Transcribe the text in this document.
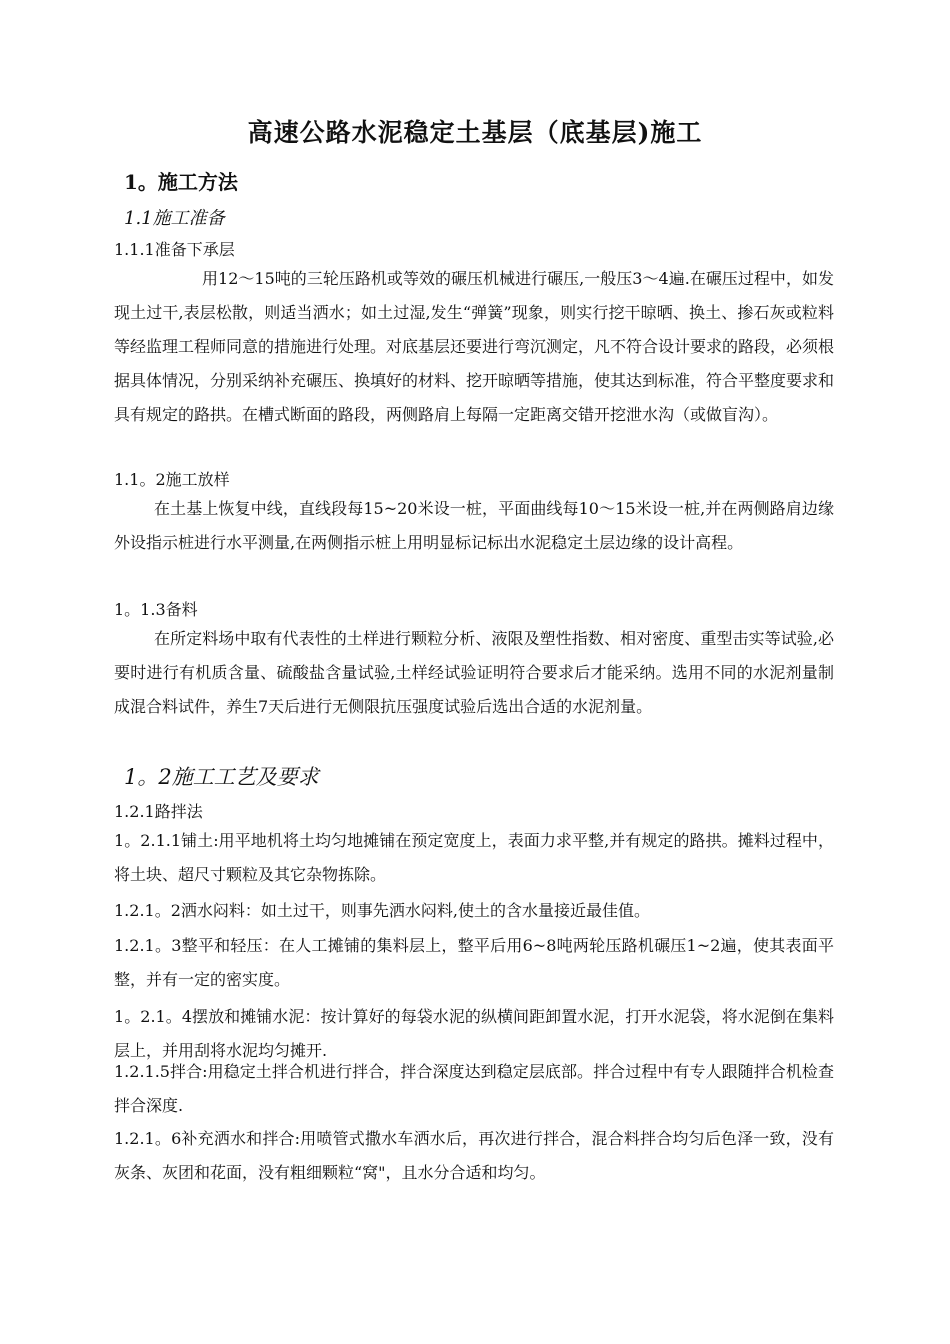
高速公路水泥稳定土基层（底基层)施工
1。施工方法
1.1施工准备
1.1.1准备下承层

用12～15吨的三轮压路机或等效的碾压机械进行碾压,一般压3～4遍.在碾压过程中，如发现土过干,表层松散，则适当洒水；如土过湿,发生“弹簧”现象，则实行挖干晾晒、换土、掺石灰或粒料等经监理工程师同意的措施进行处理。对底基层还要进行弯沉测定，凡不符合设计要求的路段，必须根据具体情况，分别采纳补充碾压、换填好的材料、挖开晾晒等措施，使其达到标准，符合平整度要求和具有规定的路拱。在槽式断面的路段，两侧路肩上每隔一定距离交错开挖泄水沟（或做盲沟）。

1.1。2施工放样

在土基上恢复中线，直线段每15~20米设一桩，平面曲线每10～15米设一桩,并在两侧路肩边缘外设指示桩进行水平测量,在两侧指示桩上用明显标记标出水泥稳定土层边缘的设计高程。

1。1.3备料

在所定料场中取有代表性的土样进行颗粒分析、液限及塑性指数、相对密度、重型击实等试验,必要时进行有机质含量、硫酸盐含量试验,土样经试验证明符合要求后才能采纳。选用不同的水泥剂量制成混合料试件，养生7天后进行无侧限抗压强度试验后选出合适的水泥剂量。

1。2施工工艺及要求
1.2.1路拌法

1。2.1.1铺土:用平地机将土均匀地摊铺在预定宽度上，表面力求平整,并有规定的路拱。摊料过程中，将土块、超尺寸颗粒及其它杂物拣除。

1.2.1。2洒水闷料：如土过干，则事先洒水闷料,使土的含水量接近最佳值。

1.2.1。3整平和轻压：在人工摊铺的集料层上，整平后用6~8吨两轮压路机碾压1~2遍，使其表面平整，并有一定的密实度。

1。2.1。4摆放和摊铺水泥：按计算好的每袋水泥的纵横间距卸置水泥，打开水泥袋，将水泥倒在集料层上，并用刮将水泥均匀摊开.

1.2.1.5拌合:用稳定土拌合机进行拌合，拌合深度达到稳定层底部。拌合过程中有专人跟随拌合机检查拌合深度.

1.2.1。6补充洒水和拌合:用喷管式撒水车洒水后，再次进行拌合，混合料拌合均匀后色泽一致，没有灰条、灰团和花面，没有粗细颗粒“窝"，且水分合适和均匀。
